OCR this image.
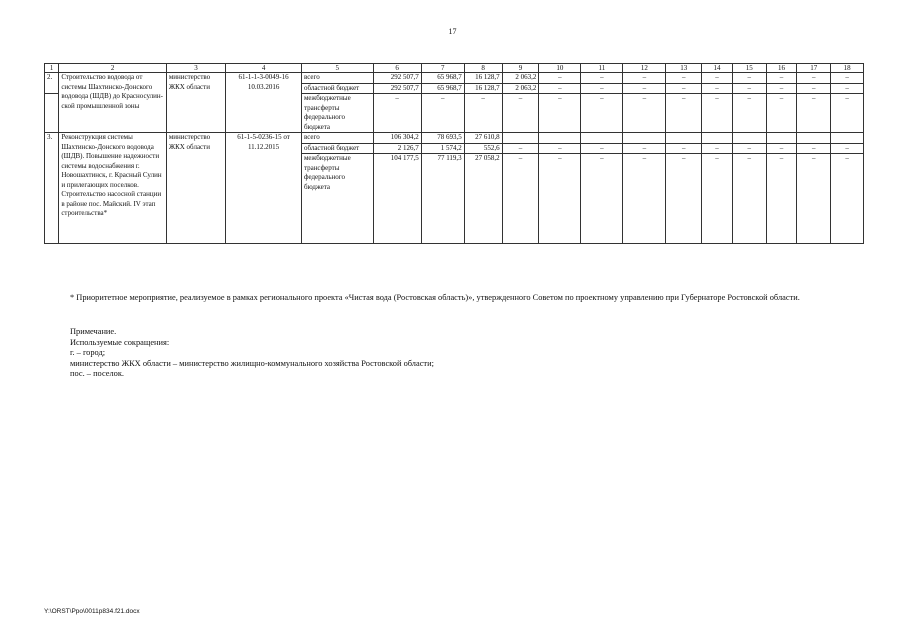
17
1	2	3	4	5	6	7	8	9	10	11	12	13	14	15	16	17	18
2.	Строительство водовода от системы Шахтинско-Донского водовода (ШДВ) до Красносулин-ской промышленной зоны	министерство ЖКХ области	61-1-1-3-0049-16 10.03.2016	всего	292 507,7	65 968,7	16 128,7	2 063,2	–	–	–	–	–	–	–	–	–
				областной бюджет	292 507,7	65 968,7	16 128,7	2 063,2	–	–	–	–	–	–	–	–	–
				межбюджетные трансферты федерального бюджета	–	–	–	–	–	–	–	–	–	–	–	–	–
3.	Реконструкция системы Шахтинско-Донского водовода (ШДВ). Повышение надежности системы водоснабжения г. Новошахтинск, г. Красный Сулин и прилегающих поселков. Строительство насосной станции в районе пос. Майский. IV этап строительства*	министерство ЖКХ области	61-1-5-0236-15 от 11.12.2015	всего	106 304,2	78 693,5	27 610,8										
				областной бюджет	2 126,7	1 574,2	552,6	–	–	–	–	–	–	–	–	–	–
				межбюджетные трансферты федерального бюджета	104 177,5	77 119,3	27 058,2	–	–	–	–	–	–	–	–	–	–

* Приоритетное мероприятие, реализуемое в рамках регионального проекта «Чистая вода (Ростовская область)», утвержденного Советом по проектному управлению при Губернаторе Ростовской области.

Примечание.
Используемые сокращения:
г. – город;
министерство ЖКХ области – министерство жилищно-коммунального хозяйства Ростовской области;
пос. – поселок.
Y:\ORST\Ppo\0011p834.f21.docx
